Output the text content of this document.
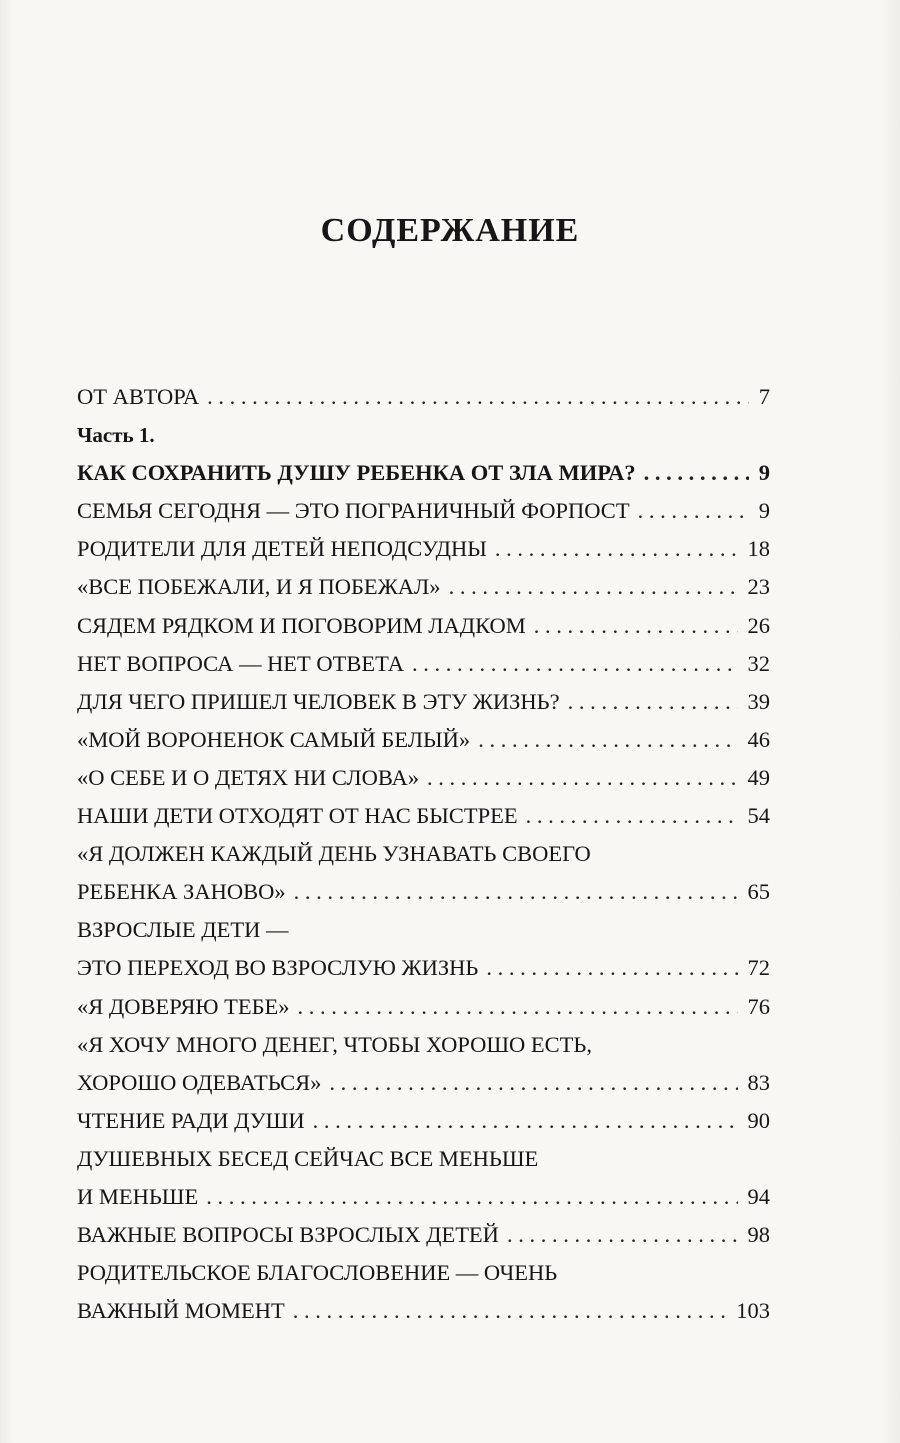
СОДЕРЖАНИЕ
ОТ АВТОРА . . .	7
Часть 1.
КАК СОХРАНИТЬ ДУШУ РЕБЕНКА ОТ ЗЛА МИРА? . . .	9
СЕМЬЯ СЕГОДНЯ — ЭТО ПОГРАНИЧНЫЙ ФОРПОСТ . . .	9
РОДИТЕЛИ ДЛЯ ДЕТЕЙ НЕПОДСУДНЫ . . .	18
«ВСЕ ПОБЕЖАЛИ, И Я ПОБЕЖАЛ» . . .	23
СЯДЕМ РЯДКОМ И ПОГОВОРИМ ЛАДКОМ . . .	26
НЕТ ВОПРОСА — НЕТ ОТВЕТА . . .	32
ДЛЯ ЧЕГО ПРИШЕЛ ЧЕЛОВЕК В ЭТУ ЖИЗНЬ? . . .	39
«МОЙ ВОРОНЕНОК САМЫЙ БЕЛЫЙ» . . .	46
«О СЕБЕ И О ДЕТЯХ НИ СЛОВА» . . .	49
НАШИ ДЕТИ ОТХОДЯТ ОТ НАС БЫСТРЕЕ . . .	54
«Я ДОЛЖЕН КАЖДЫЙ ДЕНЬ УЗНАВАТЬ СВОЕГО
РЕБЕНКА ЗАНОВО» . . .	65
ВЗРОСЛЫЕ ДЕТИ —
ЭТО ПЕРЕХОД ВО ВЗРОСЛУЮ ЖИЗНЬ . . .	72
«Я ДОВЕРЯЮ ТЕБЕ» . . .	76
«Я ХОЧУ МНОГО ДЕНЕГ, ЧТОБЫ ХОРОШО ЕСТЬ,
ХОРОШО ОДЕВАТЬСЯ» . . .	83
ЧТЕНИЕ РАДИ ДУШИ . . .	90
ДУШЕВНЫХ БЕСЕД СЕЙЧАС ВСЕ МЕНЬШЕ
И МЕНЬШЕ . . .	94
ВАЖНЫЕ ВОПРОСЫ ВЗРОСЛЫХ ДЕТЕЙ . . .	98
РОДИТЕЛЬСКОЕ БЛАГОСЛОВЕНИЕ — ОЧЕНЬ
ВАЖНЫЙ МОМЕНТ . . .	103
